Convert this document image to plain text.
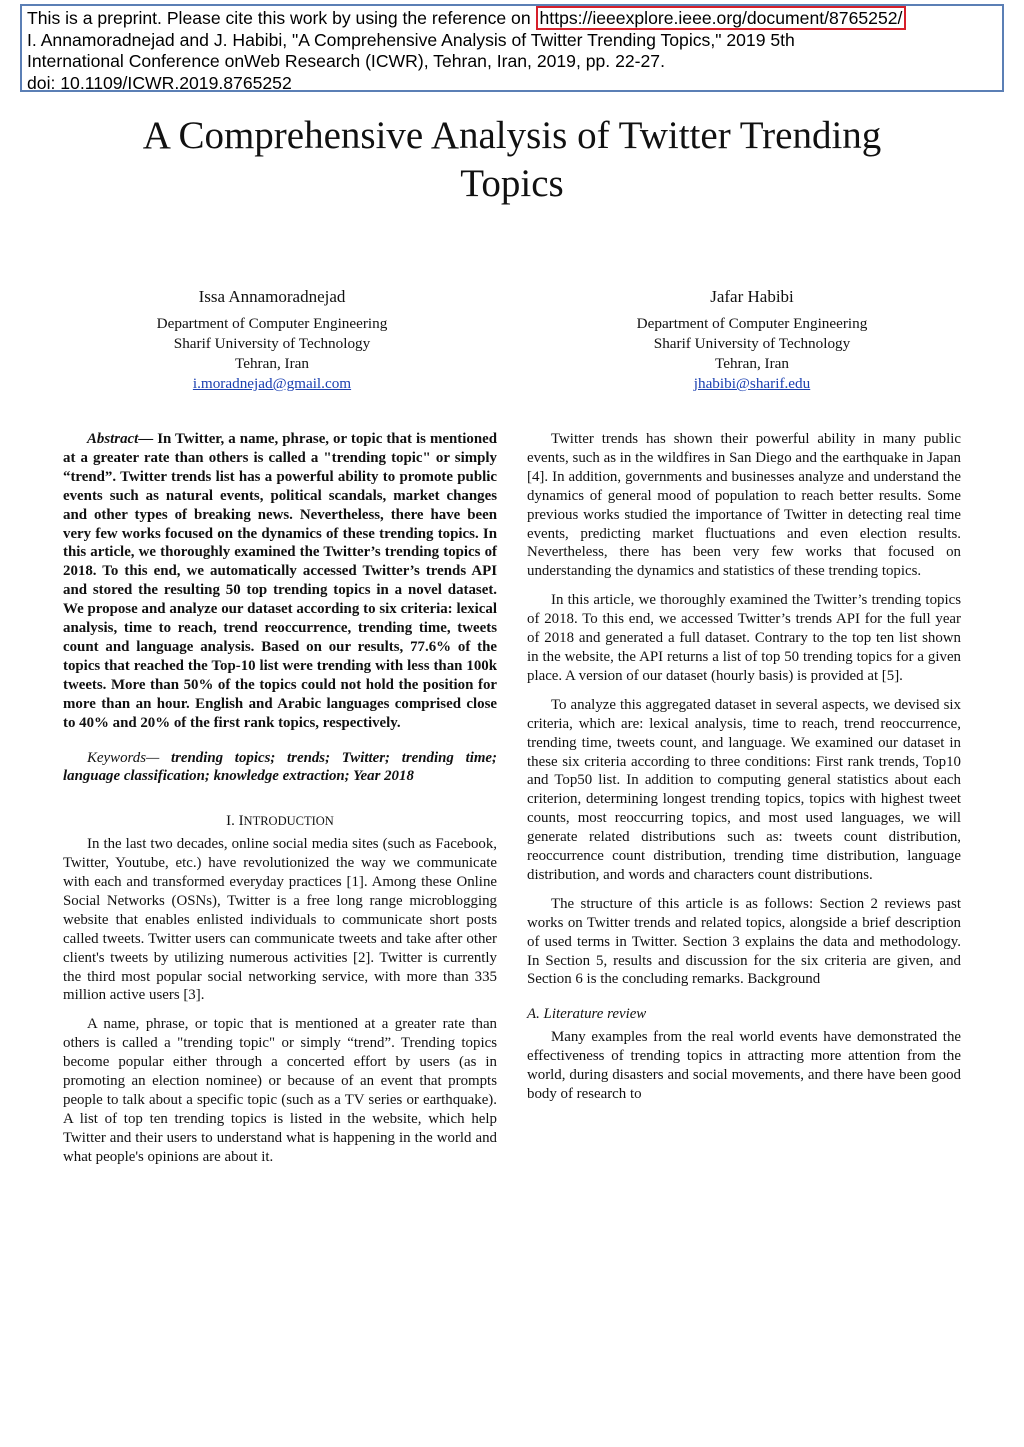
This is a preprint. Please cite this work by using the reference on https://ieeexplore.ieee.org/document/8765252/
I. Annamoradnejad and J. Habibi, "A Comprehensive Analysis of Twitter Trending Topics," 2019 5th
International Conference onWeb Research (ICWR), Tehran, Iran, 2019, pp. 22-27.
doi: 10.1109/ICWR.2019.8765252
A Comprehensive Analysis of Twitter Trending
Topics
Issa Annamoradnejad
Department of Computer Engineering
Sharif University of Technology
Tehran, Iran
i.moradnejad@gmail.com
Jafar Habibi
Department of Computer Engineering
Sharif University of Technology
Tehran, Iran
jhabibi@sharif.edu

Abstract— In Twitter, a name, phrase, or topic that is mentioned at a greater rate than others is called a "trending topic" or simply “trend”. Twitter trends list has a powerful ability to promote public events such as natural events, political scandals, market changes and other types of breaking news. Nevertheless, there have been very few works focused on the dynamics of these trending topics. In this article, we thoroughly examined the Twitter’s trending topics of 2018. To this end, we automatically accessed Twitter’s trends API and stored the resulting 50 top trending topics in a novel dataset. We propose and analyze our dataset according to six criteria: lexical analysis, time to reach, trend reoccurrence, trending time, tweets count and language analysis. Based on our results, 77.6% of the topics that reached the Top-10 list were trending with less than 100k tweets. More than 50% of the topics could not hold the position for more than an hour. English and Arabic languages comprised close to 40% and 20% of the first rank topics, respectively.

Keywords— trending topics; trends; Twitter; trending time; language classification; knowledge extraction; Year 2018

I. INTRODUCTION

In the last two decades, online social media sites (such as Facebook, Twitter, Youtube, etc.) have revolutionized the way we communicate with each and transformed everyday practices [1]. Among these Online Social Networks (OSNs), Twitter is a free long range microblogging website that enables enlisted individuals to communicate short posts called tweets. Twitter users can communicate tweets and take after other client's tweets by utilizing numerous activities [2]. Twitter is currently the third most popular social networking service, with more than 335 million active users [3].

A name, phrase, or topic that is mentioned at a greater rate than others is called a "trending topic" or simply “trend”. Trending topics become popular either through a concerted effort by users (as in promoting an election nominee) or because of an event that prompts people to talk about a specific topic (such as a TV series or earthquake). A list of top ten trending topics is listed in the website, which help Twitter and their users to understand what is happening in the world and what people's opinions are about it.

Twitter trends has shown their powerful ability in many public events, such as in the wildfires in San Diego and the earthquake in Japan [4]. In addition, governments and businesses analyze and understand the dynamics of general mood of population to reach better results. Some previous works studied the importance of Twitter in detecting real time events, predicting market fluctuations and even election results. Nevertheless, there has been very few works that focused on understanding the dynamics and statistics of these trending topics.

In this article, we thoroughly examined the Twitter’s trending topics of 2018. To this end, we accessed Twitter’s trends API for the full year of 2018 and generated a full dataset. Contrary to the top ten list shown in the website, the API returns a list of top 50 trending topics for a given place. A version of our dataset (hourly basis) is provided at [5].

To analyze this aggregated dataset in several aspects, we devised six criteria, which are: lexical analysis, time to reach, trend reoccurrence, trending time, tweets count, and language. We examined our dataset in these six criteria according to three conditions: First rank trends, Top10 and Top50 list. In addition to computing general statistics about each criterion, determining longest trending topics, topics with highest tweet counts, most reoccurring topics, and most used languages, we will generate related distributions such as: tweets count distribution, reoccurrence count distribution, trending time distribution, language distribution, and words and characters count distributions.

The structure of this article is as follows: Section 2 reviews past works on Twitter trends and related topics, alongside a brief description of used terms in Twitter. Section 3 explains the data and methodology. In Section 5, results and discussion for the six criteria are given, and Section 6 is the concluding remarks. Background

A. Literature review

Many examples from the real world events have demonstrated the effectiveness of trending topics in attracting more attention from the world, during disasters and social movements, and there have been good body of research to
